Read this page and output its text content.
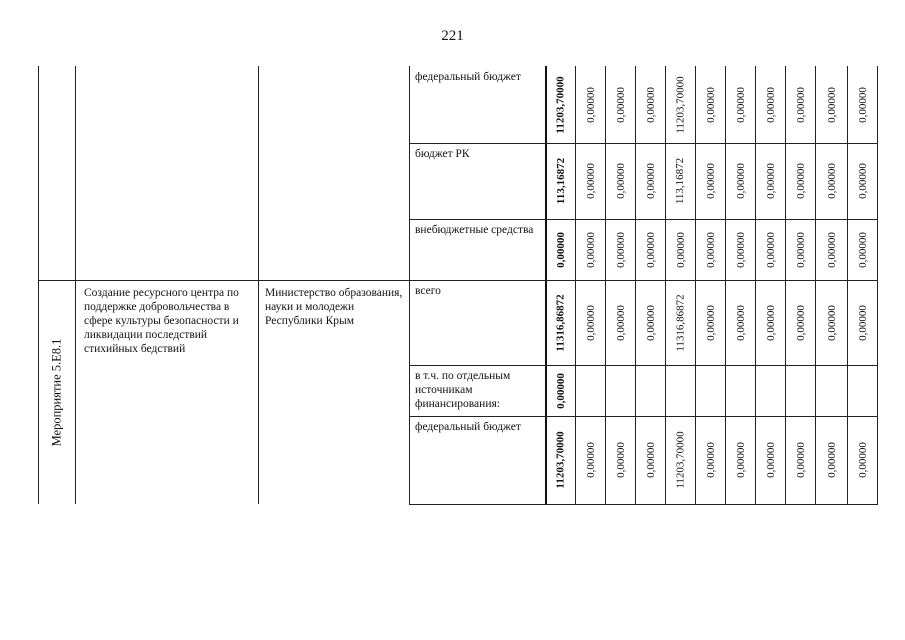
221
федеральный бюджет	11203,70000 0,00000 0,00000 0,00000 11203,70000 0,00000 0,00000 0,00000 0,00000 0,00000 0,00000
бюджет РК
113,16872 0,00000 0,00000 0,00000 113,16872 0,00000 0,00000 0,00000 0,00000 0,00000 0,00000
внебюджетные средства
0,00000 0,00000 0,00000 0,00000 0,00000 0,00000 0,00000 0,00000 0,00000 0,00000 0,00000
всего
11316,86872 0,00000 0,00000 0,00000 11316,86872 0,00000 0,00000 0,00000 0,00000 0,00000 0,00000
в т.ч. по отдельным источникам финансирования:	0,00000
федеральный бюджет
11203,70000 0,00000 0,00000 0,00000 11203,70000 0,00000 0,00000 0,00000 0,00000 0,00000 0,00000
Создание ресурсного центра по поддержке добровольчества в сфере культуры безопасности и ликвидации последствий стихийных бедствий
Министерство образования, науки и молодежи Республики Крым
Мероприятие 5.Е8.1
